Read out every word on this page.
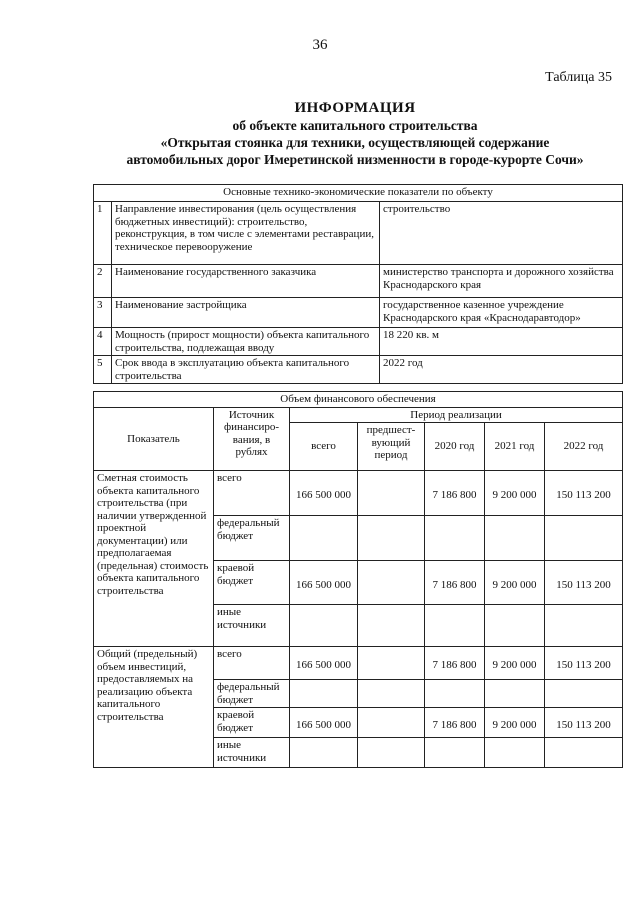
36
Таблица 35
ИНФОРМАЦИЯ
об объекте капитального строительства
«Открытая стоянка для техники, осуществляющей содержание
автомобильных дорог Имеретинской низменности в городе-курорте Сочи»
Основные технико-экономические показатели по объекту		
1	Направление инвестирования (цель осуществления бюджетных инвестиций): строительство, реконструкция, в том числе с элементами реставрации, техническое перевооружение	строительство
2	Наименование государственного заказчика	министерство транспорта и дорожного хозяйства Краснодарского края
3	Наименование застройщика	государственное казенное учреждение Краснодарского края «Краснодаравтодор»
4	Мощность (прирост мощности) объекта капитального строительства, подлежащая вводу	18 220 кв. м
5	Срок ввода в эксплуатацию объекта капитального строительства	2022 год
Объем финансового обеспечения						
Показатель	Источник финансиро-вания, в рублях	Период реализации				
		всего	предшест-вующий период	2020 год	2021 год	2022 год
Сметная стоимость объекта капитального строительства (при наличии утвержденной проектной документации) или предполагаемая (предельная) стоимость объекта капитального строительства	всего	166 500 000		7 186 800	9 200 000	150 113 200
	федеральный бюджет					
	краевой бюджет	166 500 000		7 186 800	9 200 000	150 113 200
	иные источники					
Общий (предельный) объем инвестиций, предоставляемых на реализацию объекта капитального строительства	всего	166 500 000		7 186 800	9 200 000	150 113 200
	федеральный бюджет					
	краевой бюджет	166 500 000		7 186 800	9 200 000	150 113 200
	иные источники					
